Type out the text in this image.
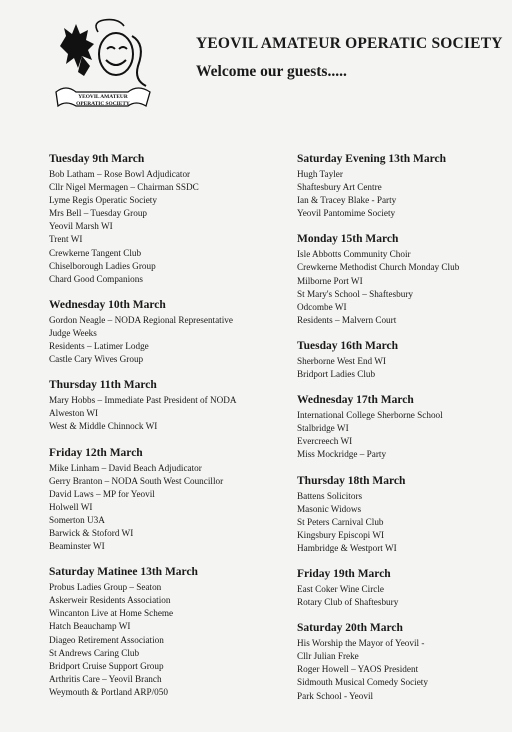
YEOVIL AMATEUR
OPERATIC SOCIETY
YEOVIL AMATEUR OPERATIC SOCIETY
Welcome our guests.....
Tuesday 9th March
Bob Latham – Rose Bowl Adjudicator
Cllr Nigel Mermagen – Chairman SSDC
Lyme Regis Operatic Society
Mrs Bell – Tuesday Group
Yeovil Marsh WI
Trent WI
Crewkerne Tangent Club
Chiselborough Ladies Group
Chard Good Companions
Wednesday 10th March
Gordon Neagle – NODA Regional Representative
Judge Weeks
Residents – Latimer Lodge
Castle Cary Wives Group
Thursday 11th March
Mary Hobbs – Immediate Past President of NODA
Alweston WI
West & Middle Chinnock WI
Friday 12th March
Mike Linham – David Beach Adjudicator
Gerry Branton – NODA South West Councillor
David Laws – MP for Yeovil
Holwell WI
Somerton U3A
Barwick & Stoford WI
Beaminster WI
Saturday Matinee 13th March
Probus Ladies Group – Seaton
Askerweir Residents Association
Wincanton Live at Home Scheme
Hatch Beauchamp WI
Diageo Retirement Association
St Andrews Caring Club
Bridport Cruise Support Group
Arthritis Care – Yeovil Branch
Weymouth & Portland ARP/050
Saturday Evening 13th March
Hugh Tayler
Shaftesbury Art Centre
Ian & Tracey Blake - Party
Yeovil Pantomime Society
Monday 15th March
Isle Abbotts Community Choir
Crewkerne Methodist Church Monday Club
Milborne Port WI
St Mary's School – Shaftesbury
Odcombe WI
Residents – Malvern Court
Tuesday 16th March
Sherborne West End WI
Bridport Ladies Club
Wednesday 17th March
International College Sherborne School
Stalbridge WI
Evercreech WI
Miss Mockridge – Party
Thursday 18th March
Battens Solicitors
Masonic Widows
St Peters Carnival Club
Kingsbury Episcopi WI
Hambridge & Westport WI
Friday 19th March
East Coker Wine Circle
Rotary Club of Shaftesbury
Saturday 20th March
His Worship the Mayor of Yeovil -
Cllr Julian Freke
Roger Howell – YAOS President
Sidmouth Musical Comedy Society
Park School - Yeovil
